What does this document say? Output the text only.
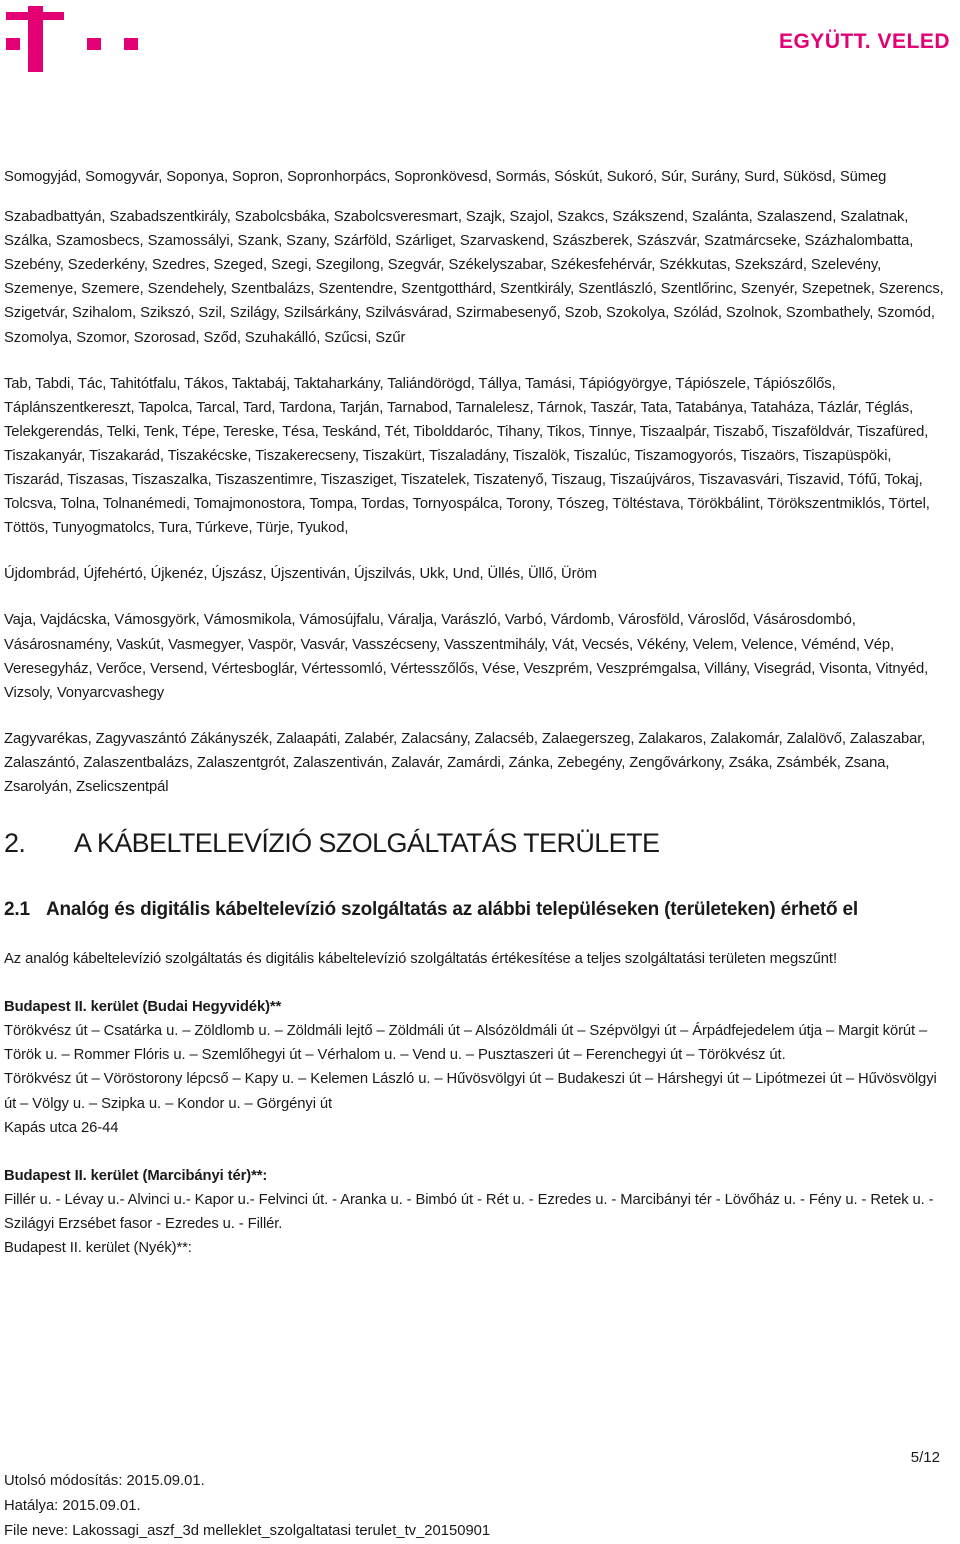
EGYÜTT. VELED

Somogyjád, Somogyvár, Soponya, Sopron, Sopronhorpács, Sopronkövesd, Sormás, Sóskút, Sukoró, Súr, Surány, Surd, Sükösd, Sümeg

Szabadbattyán, Szabadszentkirály, Szabolcsbáka, Szabolcsveresmart, Szajk, Szajol, Szakcs, Szákszend, Szalánta, Szalaszend, Szalatnak, Szálka, Szamosbecs, Szamossályi, Szank, Szany, Szárföld, Szárliget, Szarvaskend, Szászberek, Szászvár, Szatmárcseke, Százhalombatta, Szebény, Szederkény, Szedres, Szeged, Szegi, Szegilong, Szegvár, Székelyszabar, Székesfehérvár, Székkutas, Szekszárd, Szelevény, Szemenye, Szemere, Szendehely, Szentbalázs, Szentendre, Szentgotthárd, Szentkirály, Szentlászló, Szentlőrinc, Szenyér, Szepetnek, Szerencs, Szigetvár, Szihalom, Szikszó, Szil, Szilágy, Szilsárkány, Szilvásvárad, Szirmabesenyő, Szob, Szokolya, Szólád, Szolnok, Szombathely, Szomód, Szomolya, Szomor, Szorosad, Sződ, Szuhakálló, Szűcsi, Szűr

Tab, Tabdi, Tác, Tahitótfalu, Tákos, Taktabáj, Taktaharkány, Taliándörögd, Tállya, Tamási, Tápiógyörgye, Tápiószele, Tápiószőlős, Táplánszentkereszt, Tapolca, Tarcal, Tard, Tardona, Tarján, Tarnabod, Tarnalelesz, Tárnok, Taszár, Tata, Tatabánya, Tataháza, Tázlár, Téglás, Telekgerendás, Telki, Tenk, Tépe, Tereske, Tésa, Teskánd, Tét, Tibolddaróc, Tihany, Tikos, Tinnye, Tiszaalpár, Tiszabő, Tiszaföldvár, Tiszafüred, Tiszakanyár, Tiszakarád, Tiszakécske, Tiszakerecseny, Tiszakürt, Tiszaladány, Tiszalök, Tiszalúc, Tiszamogyorós, Tiszaörs, Tiszapüspöki, Tiszarád, Tiszasas, Tiszaszalka, Tiszaszentimre, Tiszasziget, Tiszatelek, Tiszatenyő, Tiszaug, Tiszaújváros, Tiszavasvári, Tiszavid, Tófű, Tokaj, Tolcsva, Tolna, Tolnanémedi, Tomajmonostora, Tompa, Tordas, Tornyospálca, Torony, Tószeg, Töltéstava, Törökbálint, Törökszentmiklós, Törtel, Töttös, Tunyogmatolcs, Tura, Túrkeve, Türje, Tyukod,

Újdombrád, Újfehértó, Újkenéz, Újszász, Újszentiván, Újszilvás, Ukk, Und, Üllés, Üllő, Üröm

Vaja, Vajdácska, Vámosgyörk, Vámosmikola, Vámosújfalu, Váralja, Varászló, Varbó, Várdomb, Városföld, Városlőd, Vásárosdombó, Vásárosnamény, Vaskút, Vasmegyer, Vaspör, Vasvár, Vasszécseny, Vasszentmihály, Vát, Vecsés, Vékény, Velem, Velence, Véménd, Vép, Veresegyház, Verőce, Versend, Vértesboglár, Vértessomló, Vértesszőlős, Vése, Veszprém, Veszprémgalsa, Villány, Visegrád, Visonta, Vitnyéd, Vizsoly, Vonyarcvashegy

Zagyvarékas, Zagyvaszántó Zákányszék, Zalaapáti, Zalabér, Zalacsány, Zalacséb, Zalaegerszeg, Zalakaros, Zalakomár, Zalalövő, Zalaszabar, Zalaszántó, Zalaszentbalázs, Zalaszentgrót, Zalaszentiván, Zalavár, Zamárdi, Zánka, Zebegény, Zengővárkony, Zsáka, Zsámbék, Zsana, Zsarolyán, Zselicszentpál

2. A KÁBELTELEVÍZIÓ SZOLGÁLTATÁS TERÜLETE
2.1 Analóg és digitális kábeltelevízió szolgáltatás az alábbi településeken (területeken) érhető el

Az analóg kábeltelevízió szolgáltatás és digitális kábeltelevízió szolgáltatás értékesítése a teljes szolgáltatási területen megszűnt!

Budapest II. kerület (Budai Hegyvidék)**

Törökvész út – Csatárka u. – Zöldlomb u. – Zöldmáli lejtő – Zöldmáli út – Alsózöldmáli út – Szépvölgyi út – Árpádfejedelem útja – Margit körút – Török u. – Rommer Flóris u. – Szemlőhegyi út – Vérhalom u. – Vend u. – Pusztaszeri út – Ferenchegyi út – Törökvész út.

Törökvész út – Vöröstorony lépcső – Kapy u. – Kelemen László u. – Hűvösvölgyi út – Budakeszi út – Hárshegyi út – Lipótmezei út – Hűvösvölgyi út – Völgy u. – Szipka u. – Kondor u. – Görgényi út

Kapás utca 26-44

Budapest II. kerület (Marcibányi tér)**:

Fillér u. - Lévay u.- Alvinci u.- Kapor u.- Felvinci út. - Aranka u. - Bimbó út - Rét u. - Ezredes u. - Marcibányi tér - Lövőház u. - Fény u. - Retek u. - Szilágyi Erzsébet fasor - Ezredes u. - Fillér.

Budapest II. kerület (Nyék)**:

5/12
Utolsó módosítás: 2015.09.01.
Hatálya: 2015.09.01.
File neve: Lakossagi_aszf_3d melleklet_szolgaltatasi terulet_tv_20150901
